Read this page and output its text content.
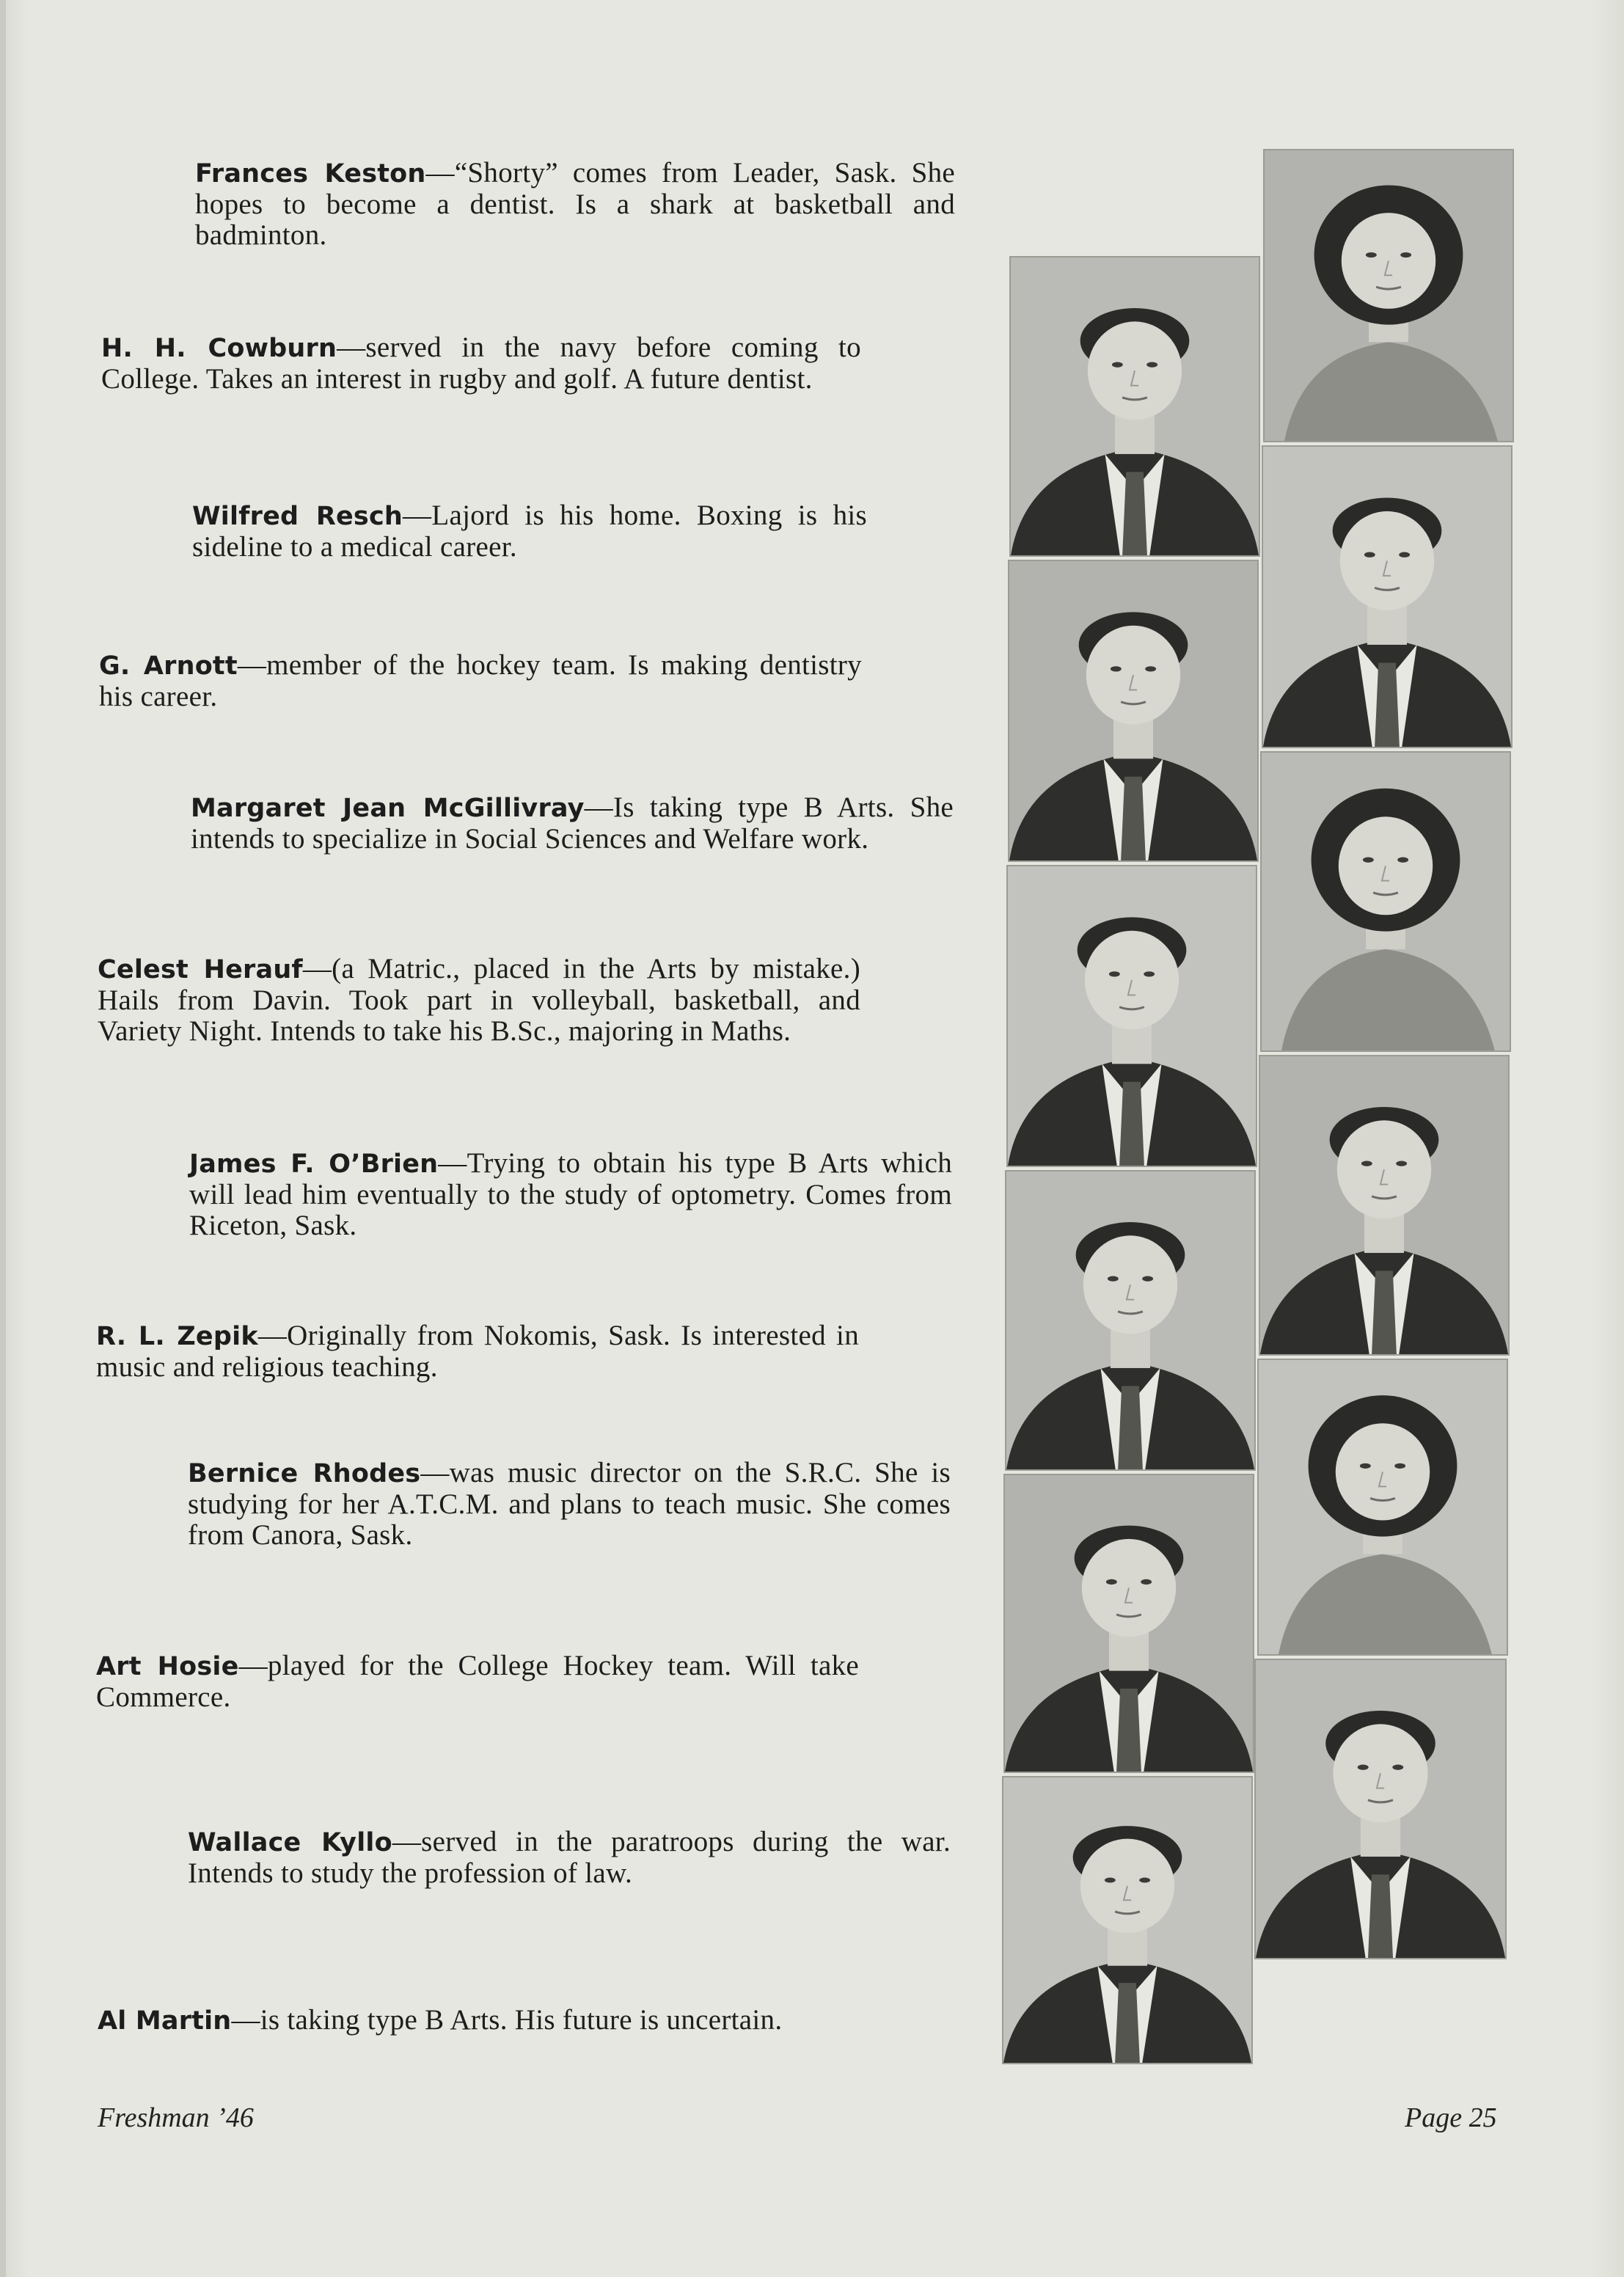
Frances Keston—“Shorty” comes from Leader, Sask. She hopes to become a dentist. Is a shark at basketball and badminton.
H. H. Cowburn—served in the navy before coming to College. Takes an interest in rugby and golf. A future dentist.
Wilfred Resch—Lajord is his home. Boxing is his sideline to a medical career.
G. Arnott—member of the hockey team. Is making dentistry his career.
Margaret Jean McGillivray—Is taking type B Arts. She intends to specialize in Social Sciences and Welfare work.
Celest Herauf—(a Matric., placed in the Arts by mistake.) Hails from Davin. Took part in volleyball, basketball, and Variety Night. Intends to take his B.Sc., majoring in Maths.
James F. O’Brien—Trying to obtain his type B Arts which will lead him eventually to the study of optometry. Comes from Riceton, Sask.
R. L. Zepik—Originally from Nokomis, Sask. Is interested in music and religious teaching.
Bernice Rhodes—was music director on the S.R.C. She is studying for her A.T.C.M. and plans to teach music. She comes from Canora, Sask.
Art Hosie—played for the College Hockey team. Will take Commerce.
Wallace Kyllo—served in the paratroops during the war. Intends to study the profession of law.
Al Martin—is taking type B Arts. His future is uncertain.
Freshman ’46	Page 25
